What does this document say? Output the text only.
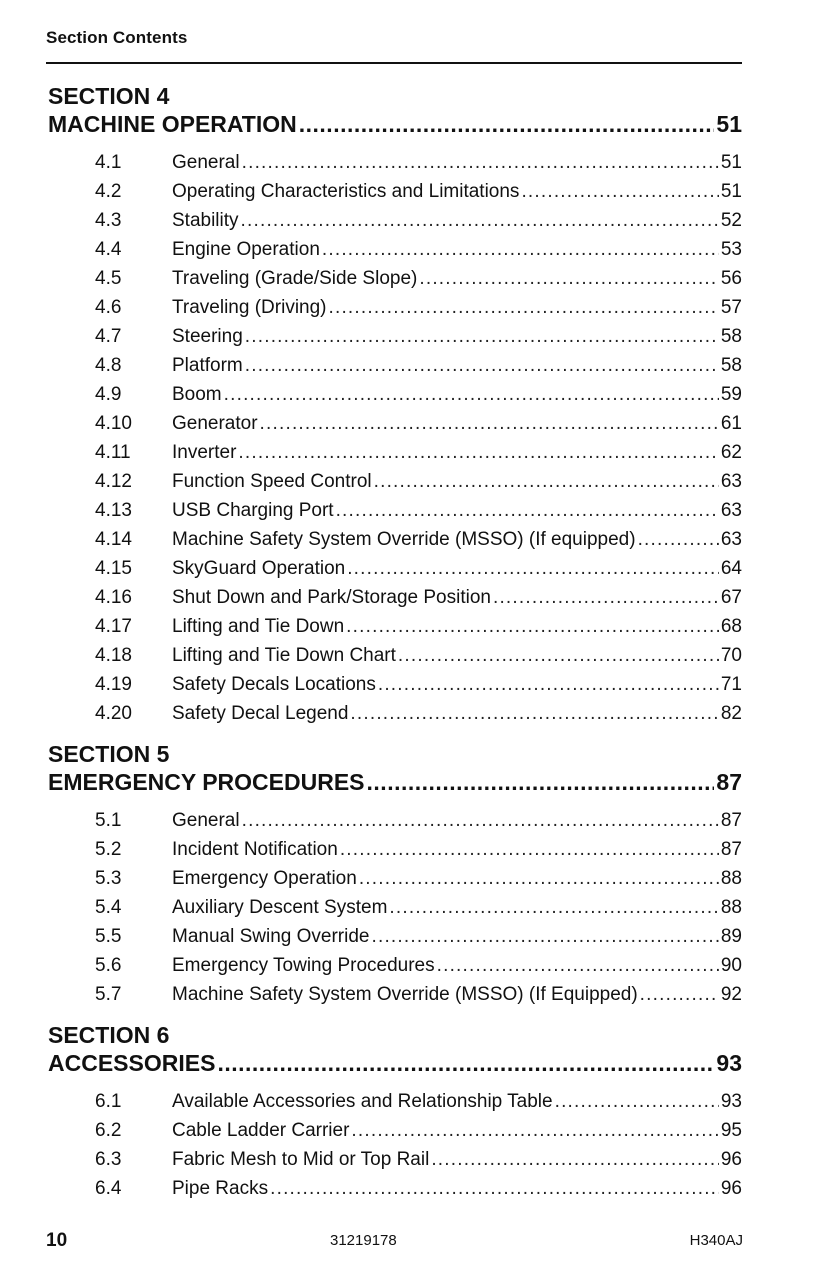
Section Contents
SECTION 4
MACHINE OPERATION .....	51
4.1	General .....	51
4.2	Operating Characteristics and Limitations .....	51
4.3	Stability .....	52
4.4	Engine Operation .....	53
4.5	Traveling (Grade/Side Slope) .....	56
4.6	Traveling (Driving) .....	57
4.7	Steering .....	58
4.8	Platform .....	58
4.9	Boom .....	59
4.10	Generator .....	61
4.11	Inverter .....	62
4.12	Function Speed Control .....	63
4.13	USB Charging Port .....	63
4.14	Machine Safety System Override (MSSO) (If equipped) .....	63
4.15	SkyGuard Operation .....	64
4.16	Shut Down and Park/Storage Position .....	67
4.17	Lifting and Tie Down .....	68
4.18	Lifting and Tie Down Chart .....	70
4.19	Safety Decals Locations .....	71
4.20	Safety Decal Legend .....	82
SECTION 5
EMERGENCY PROCEDURES .....	87
5.1	General .....	87
5.2	Incident Notification .....	87
5.3	Emergency Operation .....	88
5.4	Auxiliary Descent System .....	88
5.5	Manual Swing Override .....	89
5.6	Emergency Towing Procedures .....	90
5.7	Machine Safety System Override (MSSO) (If Equipped) .....	92
SECTION 6
ACCESSORIES .....	93
6.1	Available Accessories and Relationship Table .....	93
6.2	Cable Ladder Carrier .....	95
6.3	Fabric Mesh to Mid or Top Rail .....	96
6.4	Pipe Racks .....	96
10	31219178	H340AJ
